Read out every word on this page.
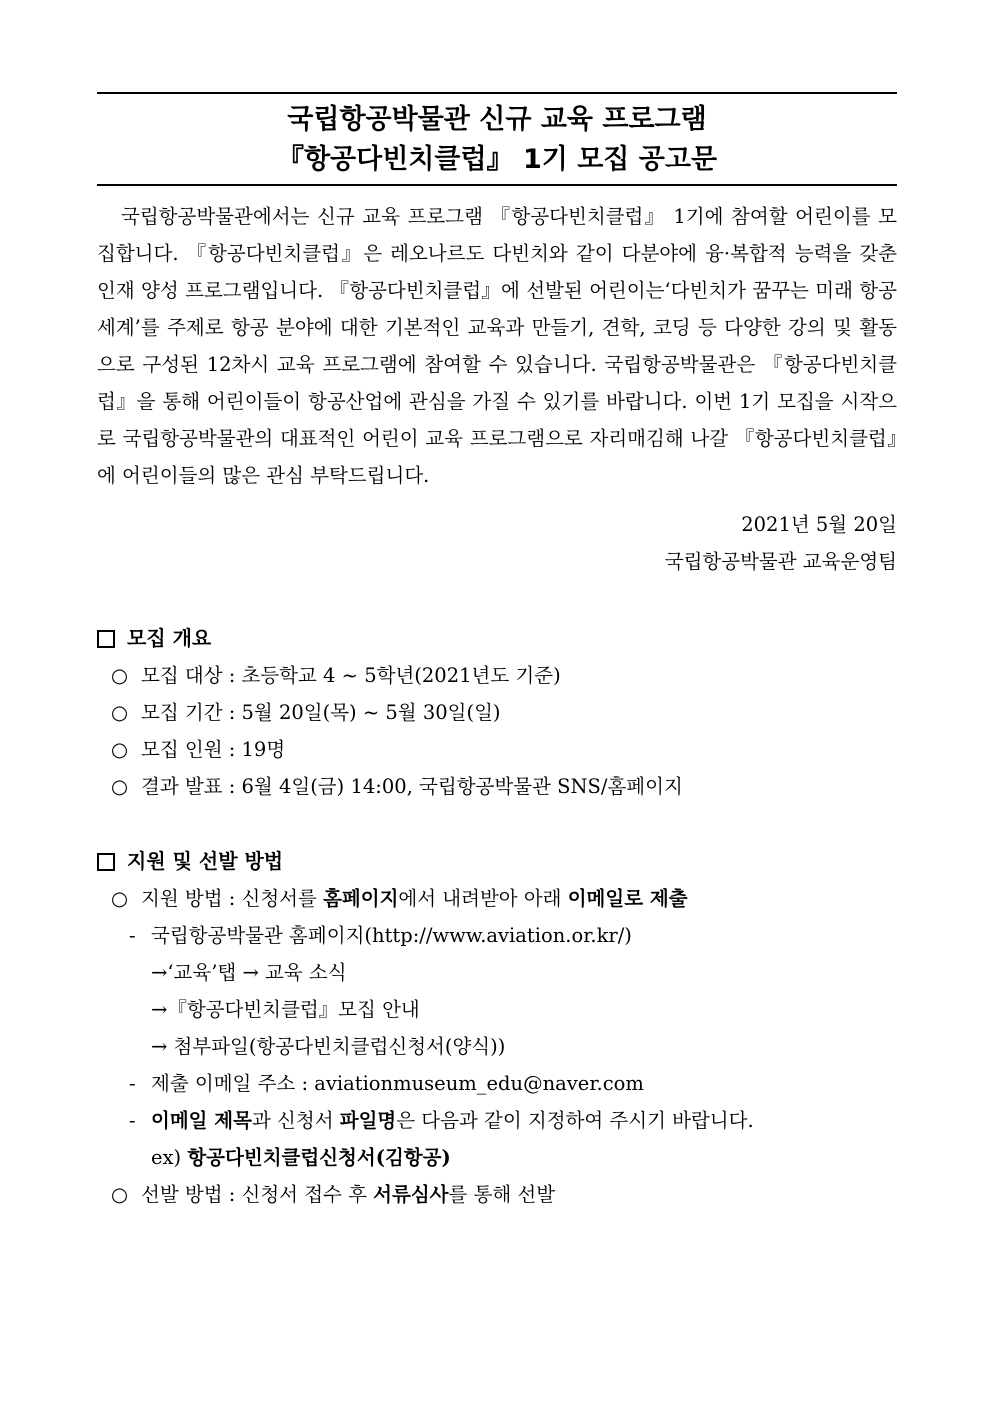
국립항공박물관 신규 교육 프로그램

『항공다빈치클럽』 1기 모집 공고문

국립항공박물관에서는 신규 교육 프로그램 『항공다빈치클럽』 1기에 참여할 어린이를 모집합니다. 『항공다빈치클럽』은 레오나르도 다빈치와 같이 다분야에 융·복합적 능력을 갖춘 인재 양성 프로그램입니다. 『항공다빈치클럽』에 선발된 어린이는‘다빈치가 꿈꾸는 미래 항공 세계’를 주제로 항공 분야에 대한 기본적인 교육과 만들기, 견학, 코딩 등 다양한 강의 및 활동으로 구성된 12차시 교육 프로그램에 참여할 수 있습니다. 국립항공박물관은 『항공다빈치클럽』을 통해 어린이들이 항공산업에 관심을 가질 수 있기를 바랍니다. 이번 1기 모집을 시작으로 국립항공박물관의 대표적인 어린이 교육 프로그램으로 자리매김해 나갈 『항공다빈치클럽』에 어린이들의 많은 관심 부탁드립니다.
2021년 5월 20일
국립항공박물관 교육운영팀
모집 개요
○ 모집 대상 : 초등학교 4 ~ 5학년(2021년도 기준)
○ 모집 기간 : 5월 20일(목) ~ 5월 30일(일)
○ 모집 인원 : 19명
○ 결과 발표 : 6월 4일(금) 14:00, 국립항공박물관 SNS/홈페이지
지원 및 선발 방법
○ 지원 방법 : 신청서를 홈페이지에서 내려받아 아래 이메일로 제출
- 국립항공박물관 홈페이지(http://www.aviation.or.kr/)
→‘교육’탭 → 교육 소식
→『항공다빈치클럽』모집 안내
→ 첨부파일(항공다빈치클럽신청서(양식))
- 제출 이메일 주소 : aviationmuseum_edu@naver.com
- 이메일 제목과 신청서 파일명은 다음과 같이 지정하여 주시기 바랍니다.
ex) 항공다빈치클럽신청서(김항공)
○ 선발 방법 : 신청서 접수 후 서류심사를 통해 선발
